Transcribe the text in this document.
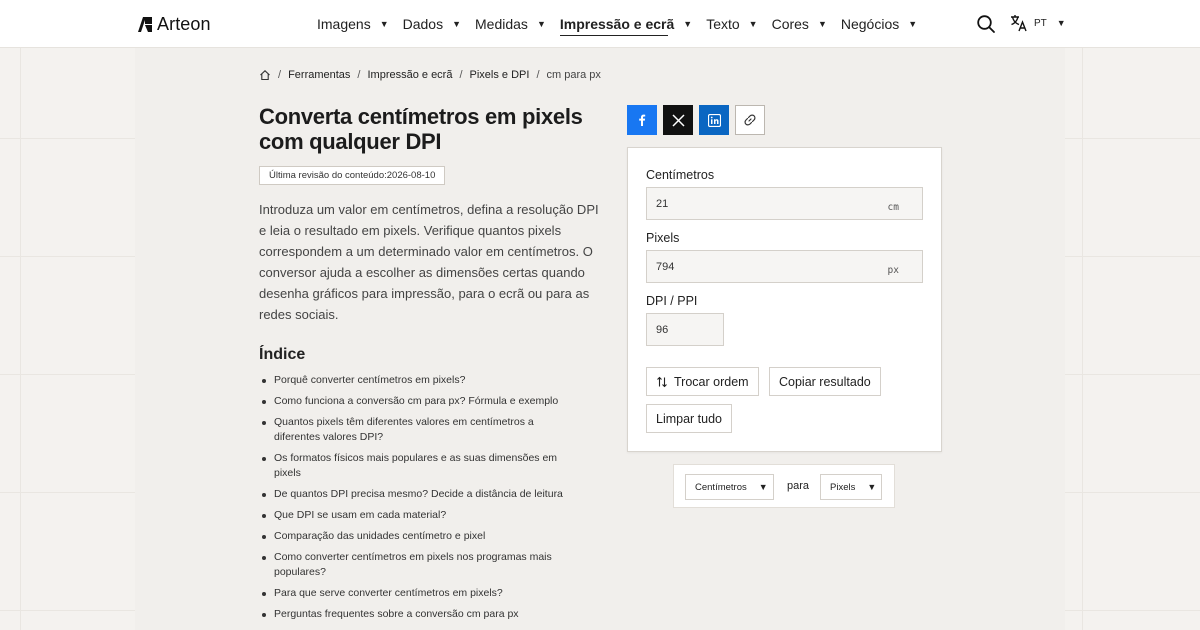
Arteon	Imagens ▼ Dados ▼ Medidas ▼ Impressão e ecrã ▼ Texto ▼ Cores ▼ Negócios ▼	PT ▼
/ Ferramentas / Impressão e ecrã / Pixels e DPI / cm para px
Converta centímetros em pixels com qualquer DPI
Última revisão do conteúdo:2026-08-10

Introduza um valor em centímetros, defina a resolução DPI e leia o resultado em pixels. Verifique quantos pixels correspondem a um determinado valor em centímetros. O conversor ajuda a escolher as dimensões certas quando desenha gráficos para impressão, para o ecrã ou para as redes sociais.

Índice
Porquê converter centímetros em pixels?
Como funciona a conversão cm para px? Fórmula e exemplo
Quantos pixels têm diferentes valores em centímetros a diferentes valores DPI?
Os formatos físicos mais populares e as suas dimensões em pixels
De quantos DPI precisa mesmo? Decide a distância de leitura
Que DPI se usam em cada material?
Comparação das unidades centímetro e pixel
Como converter centímetros em pixels nos programas mais populares?
Para que serve converter centímetros em pixels?
Perguntas frequentes sobre a conversão cm para px
Centímetros
21	cm
Pixels
794	px
DPI / PPI
96
Trocar ordem Copiar resultado
Limpar tudo
Centímetros ▼ para Pixels ▼
